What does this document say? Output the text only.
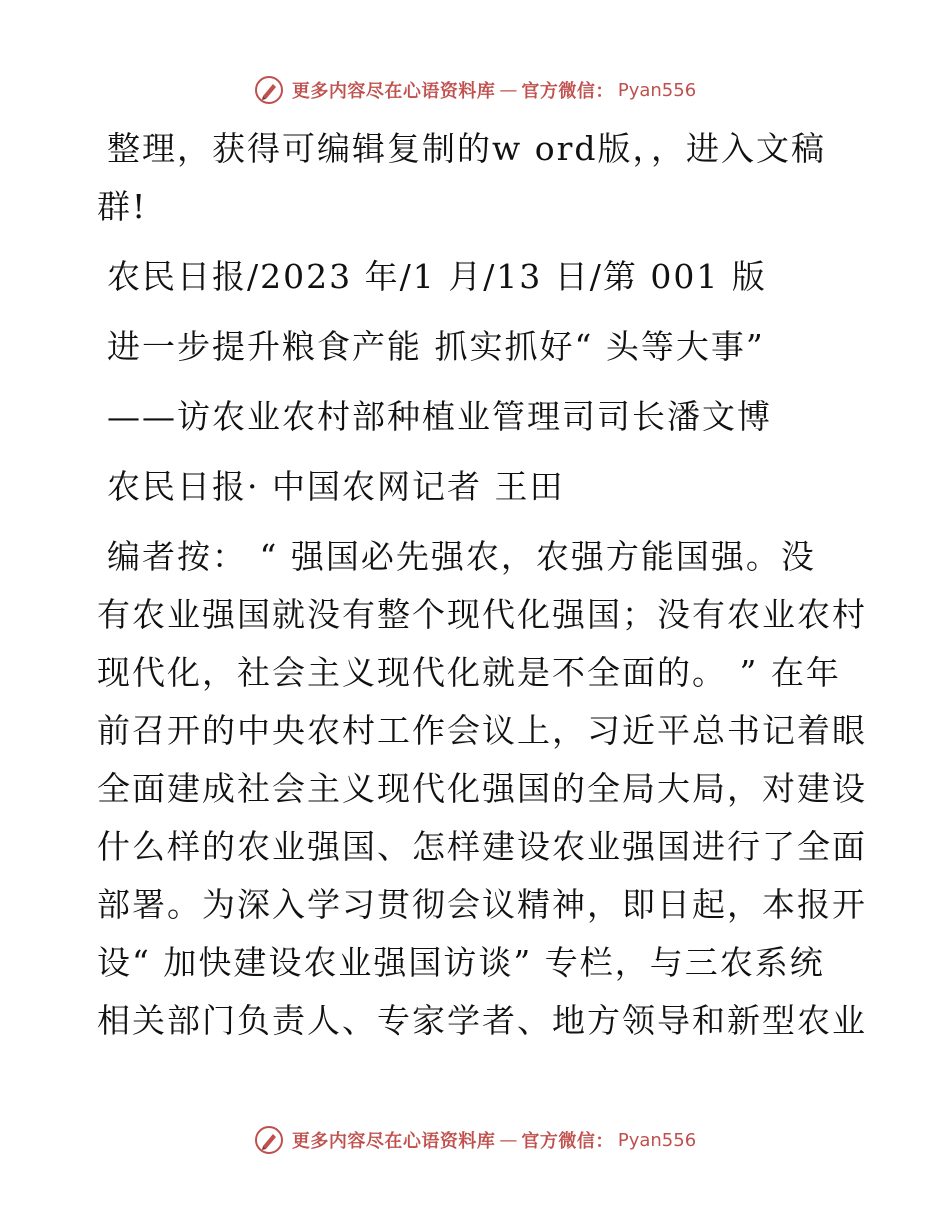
更多内容尽在心语资料库 — 官方微信： Pyan556

整理，获得可编辑复制的w ord版，，进入文稿

群!

农民日报/2023 年/1 月/13 日/第 001 版

进一步提升粮食产能 抓实抓好“ 头等大事”

——访农业农村部种植业管理司司长潘文博

农民日报· 中国农网记者 王田

编者按： “ 强国必先强农，农强方能国强。没

有农业强国就没有整个现代化强国；没有农业农村

现代化，社会主义现代化就是不全面的。 ” 在年

前召开的中央农村工作会议上，习近平总书记着眼

全面建成社会主义现代化强国的全局大局，对建设

什么样的农业强国、怎样建设农业强国进行了全面

部署。为深入学习贯彻会议精神，即日起，本报开

设“ 加快建设农业强国访谈” 专栏，与三农系统

相关部门负责人、专家学者、地方领导和新型农业

更多内容尽在心语资料库 — 官方微信： Pyan556
